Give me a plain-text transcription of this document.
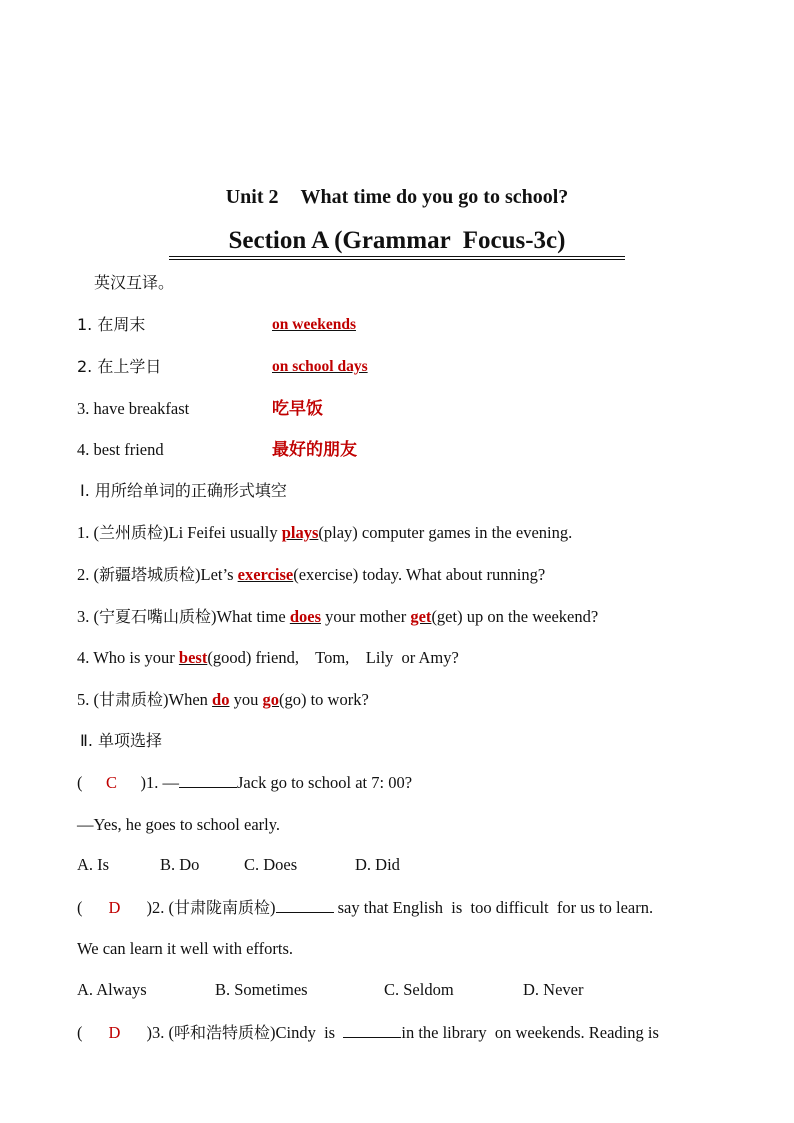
Unit 2 What time do you go to school?
Section A (Grammar  Focus-3c)
英汉互译。
1. 在周末	on weekends
2. 在上学日	on school days
3. have breakfast	吃早饭
4. best friend	最好的朋友
Ⅰ. 用所给单词的正确形式填空
1. (兰州质检)Li Feifei usually plays(play) computer games in the evening.
2. (新疆塔城质检)Let’s exercise(exercise) today. What about running?
3. (宁夏石嘴山质检)What time does your mother get(get) up on the weekend?
4. Who is your best(good) friend,    Tom,    Lily  or Amy?
5. (甘肃质检)When do you go(go) to work?
Ⅱ. 单项选择
( C )1. —	Jack go to school at 7: 00?
—Yes, he goes to school early.
A. Is	B. Do	C. Does	D. Did
( D )2. (甘肃陇南质检)	say that English  is  too difficult  for us to learn.
We can learn it well with efforts.
A. Always	B. Sometimes	C. Seldom	D. Never
( D )3. (呼和浩特质检)Cindy  is	in the library  on weekends. Reading is
